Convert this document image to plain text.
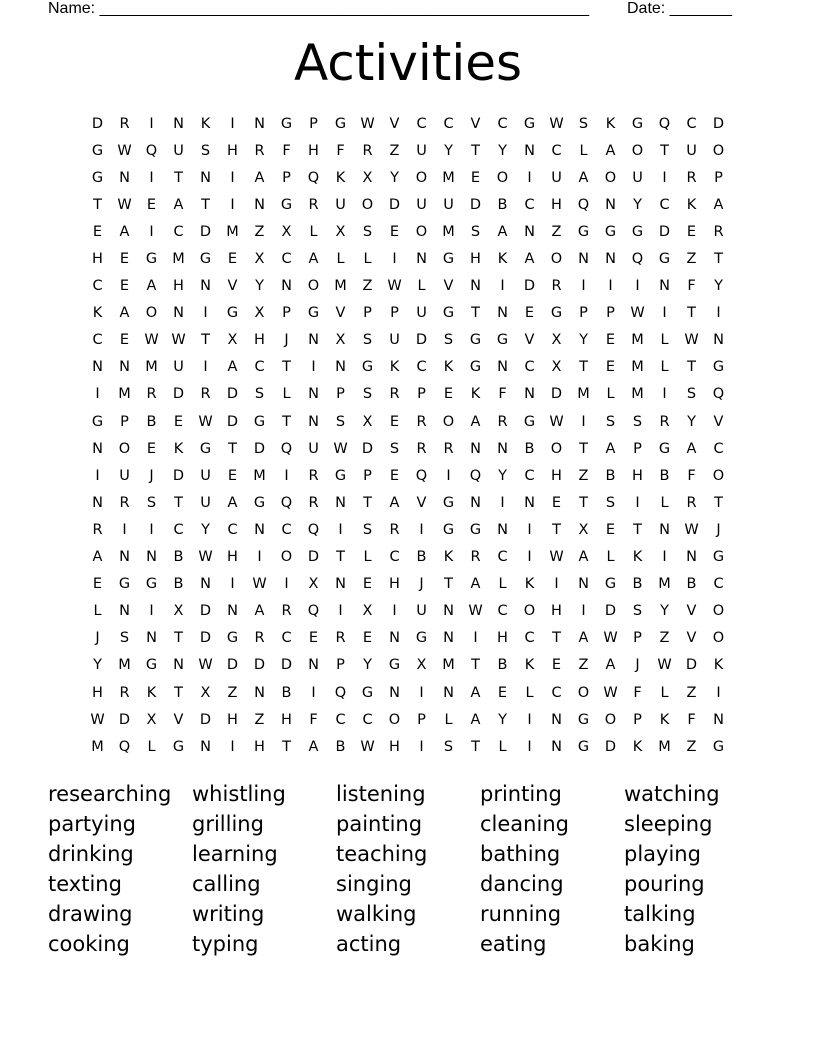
Name: _______________________________________________________ Date: _______
Activities
D	R	I	N	K	I	N	G	P	G W	V	C	C	V	C	G W	S	K	G	Q	C	D
G W Q	U	S	H	R	F	H	F	R	Z	U	Y	T	Y	N	C	L	A	O	T	U	O
G	N	I	T	N	I	A	P	Q	K	X	Y	O	M	E	O	I	U	A	O	U	I	R	P
T	W	E	A	T	I	N	G	R	U	O	D	U	U	D	B	C	H	Q	N	Y	C	K	A
E	A	I	C	D	M	Z	X	L	X	S	E	O	M	S	A	N	Z	G	G	G	D	E	R
H	E	G	M	G	E	X	C	A	L	L	I	N	G	H	K	A	O	N	N	Q	G	Z	T
C	E	A	H	N	V	Y	N	O	M	Z	W	L	V	N	I	D	R	I	I	I	N	F	Y
K	A	O	N	I	G	X	P	G	V	P	P	U	G	T	N	E	G	P	P	W	I	T	I
C	E	W W	T	X	H	J	N	X	S	U	D	S	G	G	V	X	Y	E	M	L	W N
N	N	M	U	I	A	C	T	I	N	G	K	C	K	G	N	C	X	T	E	M	L	T	G
I	M	R	D	R	D	S	L	N	P	S	R	P	E	K	F	N	D	M	L	M	I	S	Q
G	P	B	E	W D	G	T	N	S	X	E	R	O	A	R	G W	I	S	S	R	Y	V
N	O	E	K	G	T	D	Q	U	W D	S	R	R	N	N	B	O	T	A	P	G	A	C
I	U	J	D	U	E	M	I	R	G	P	E	Q	I	Q	Y	C	H	Z	B	H	B	F	O
N	R	S	T	U	A	G	Q	R	N	T	A	V	G	N	I	N	E	T	S	I	L	R	T
R	I	I	C	Y	C	N	C	Q	I	S	R	I	G	G	N	I	T	X	E	T	N W	J
A	N	N	B	W H	I	O	D	T	L	C	B	K	R	C	I	W	A	L	K	I	N	G
E	G	G	B	N	I	W	I	X	N	E	H	J	T	A	L	K	I	N	G	B	M	B	C
L	N	I	X	D	N	A	R	Q	I	X	I	U	N W	C	O	H	I	D	S	Y	V	O
J	S	N	T	D	G	R	C	E	R	E	N	G	N	I	H	C	T	A	W	P	Z	V	O
Y	M	G	N W D	D	D	N	P	Y	G	X	M	T	B	K	E	Z	A	J	W D	K
H	R	K	T	X	Z	N	B	I	Q	G	N	I	N	A	E	L	C	O W	F	L	Z	I
W D	X	V	D	H	Z	H	F	C	C	O	P	L	A	Y	I	N	G	O	P	K	F	N
M	Q	L	G	N	I	H	T	A	B	W H	I	S	T	L	I	N	G	D	K	M	Z	G
researching whistling	listening	printing	watching
partying	grilling	painting	cleaning	sleeping
drinking	learning	teaching	bathing	playing
texting	calling	singing	dancing	pouring
drawing	writing	walking	running	talking
cooking	typing	acting	eating	baking
